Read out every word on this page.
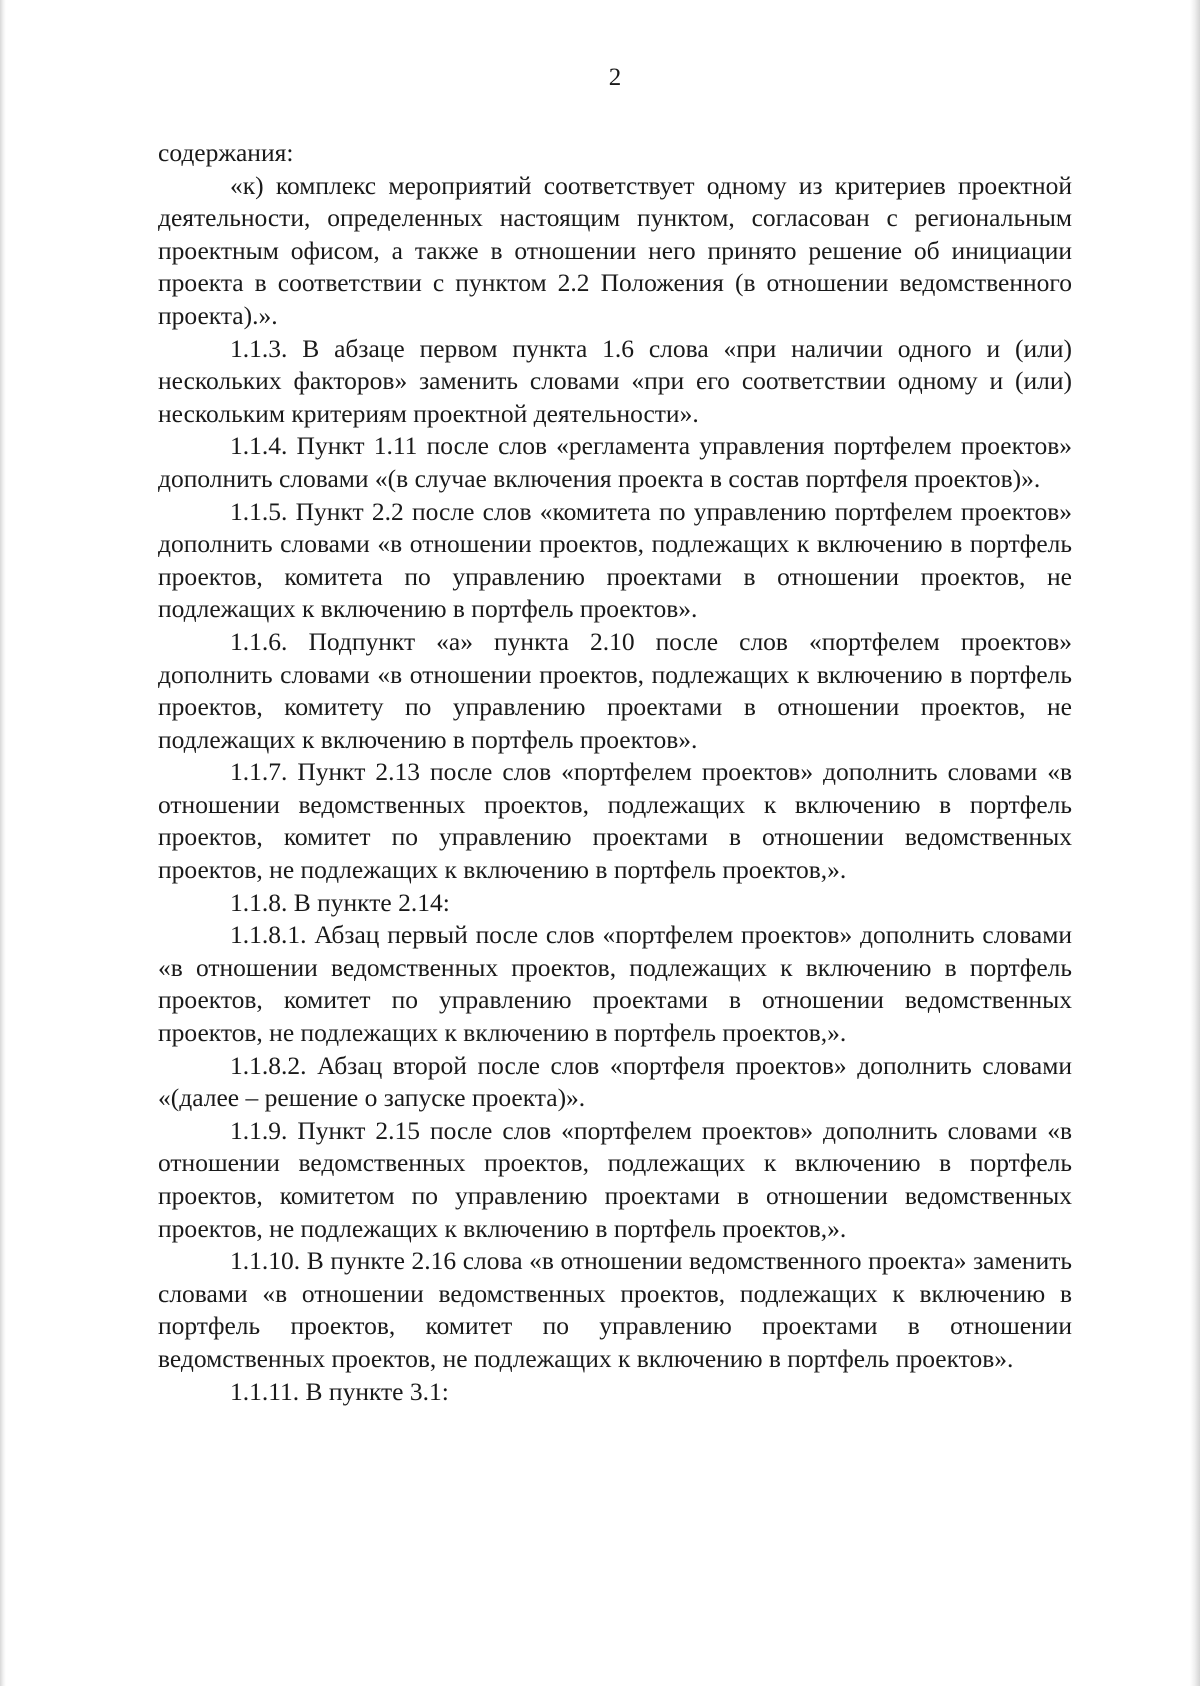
2

содержания:

«к) комплекс мероприятий соответствует одному из критериев проектной деятельности, определенных настоящим пунктом, согласован с региональным проектным офисом, а также в отношении него принято решение об инициации проекта в соответствии с пунктом 2.2 Положения (в отношении ведомственного проекта).».

1.1.3. В абзаце первом пункта 1.6 слова «при наличии одного и (или) нескольких факторов» заменить словами «при его соответствии одному и (или) нескольким критериям проектной деятельности».

1.1.4. Пункт 1.11 после слов «регламента управления портфелем проектов» дополнить словами «(в случае включения проекта в состав портфеля проектов)».

1.1.5. Пункт 2.2 после слов «комитета по управлению портфелем проектов» дополнить словами «в отношении проектов, подлежащих к включению в портфель проектов, комитета по управлению проектами в отношении проектов, не подлежащих к включению в портфель проектов».

1.1.6. Подпункт «а» пункта 2.10 после слов «портфелем проектов» дополнить словами «в отношении проектов, подлежащих к включению в портфель проектов, комитету по управлению проектами в отношении проектов, не подлежащих к включению в портфель проектов».

1.1.7. Пункт 2.13 после слов «портфелем проектов» дополнить словами «в отношении ведомственных проектов, подлежащих к включению в портфель проектов, комитет по управлению проектами в отношении ведомственных проектов, не подлежащих к включению в портфель проектов,».

1.1.8. В пункте 2.14:

1.1.8.1. Абзац первый после слов «портфелем проектов» дополнить словами «в отношении ведомственных проектов, подлежащих к включению в портфель проектов, комитет по управлению проектами в отношении ведомственных проектов, не подлежащих к включению в портфель проектов,».

1.1.8.2. Абзац второй после слов «портфеля проектов» дополнить словами «(далее – решение о запуске проекта)».

1.1.9. Пункт 2.15 после слов «портфелем проектов» дополнить словами «в отношении ведомственных проектов, подлежащих к включению в портфель проектов, комитетом по управлению проектами в отношении ведомственных проектов, не подлежащих к включению в портфель проектов,».

1.1.10. В пункте 2.16 слова «в отношении ведомственного проекта» заменить словами «в отношении ведомственных проектов, подлежащих к включению в портфель проектов, комитет по управлению проектами в отношении ведомственных проектов, не подлежащих к включению в портфель проектов».

1.1.11. В пункте 3.1:
